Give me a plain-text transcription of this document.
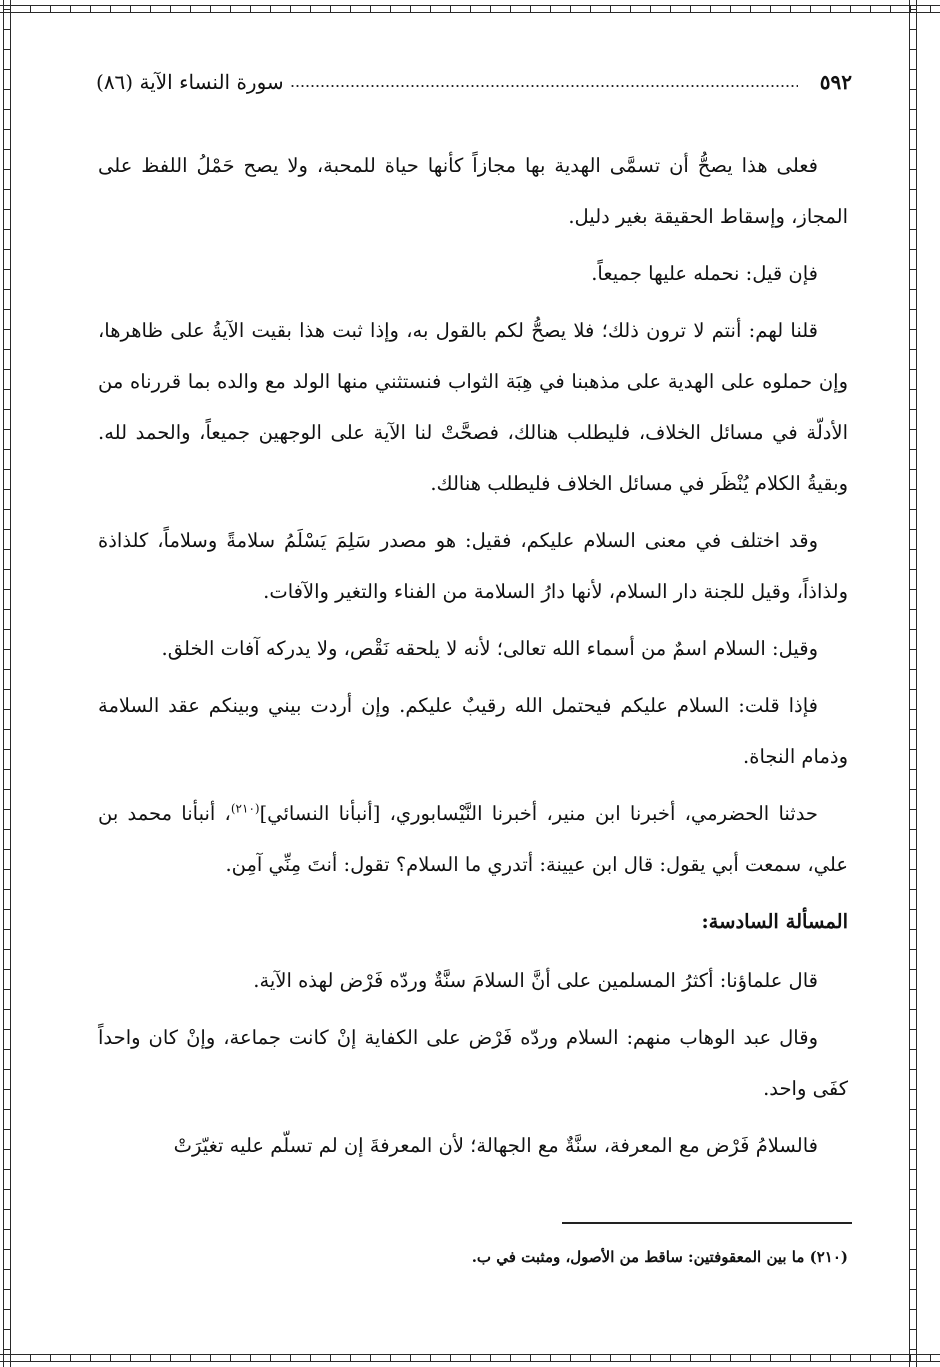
٥٩٢
سورة النساء الآية (٨٦)

فعلى هذا يصحُّ أن تسمَّى الهدية بها مجازاً كأنها حياة للمحبة، ولا يصح حَمْلُ اللفظ على المجاز، وإسقاط الحقيقة بغير دليل.

فإن قيل: نحمله عليها جميعاً.

قلنا لهم: أنتم لا ترون ذلك؛ فلا يصحُّ لكم بالقول به، وإذا ثبت هذا بقيت الآيةُ على ظاهرها، وإن حملوه على الهدية على مذهبنا في هِبَة الثواب فنستثني منها الولد مع والده بما قررناه من الأدلّة في مسائل الخلاف، فليطلب هنالك، فصحَّتْ لنا الآية على الوجهين جميعاً، والحمد لله. وبقيةُ الكلام يُنْظَر في مسائل الخلاف فليطلب هنالك.

وقد اختلف في معنى السلام عليكم، فقيل: هو مصدر سَلِمَ يَسْلَمُ سلامةً وسلاماً، كلذاذة ولذاذاً، وقيل للجنة دار السلام، لأنها دارُ السلامة من الفناء والتغير والآفات.

وقيل: السلام اسمٌ من أسماء الله تعالى؛ لأنه لا يلحقه نَقْص، ولا يدركه آفات الخلق.

فإذا قلت: السلام عليكم فيحتمل الله رقيبٌ عليكم. وإن أردت بيني وبينكم عقد السلامة وذمام النجاة.

حدثنا الحضرمي، أخبرنا ابن منير، أخبرنا النَّيْسابوري، [أنبأنا النسائي]$^{(٢١٠)}$، أنبأنا محمد بن علي، سمعت أبي يقول: قال ابن عيينة: أتدري ما السلام؟ تقول: أنتَ مِنِّي آمِن.

المسألة السادسة:

قال علماؤنا: أكثرُ المسلمين على أنَّ السلامَ سنَّةٌ وردّه فَرْض لهذه الآية.

وقال عبد الوهاب منهم: السلام وردّه فَرْض على الكفاية إنْ كانت جماعة، وإنْ كان واحداً كفَى واحد.

فالسلامُ فَرْض مع المعرفة، سنَّةٌ مع الجهالة؛ لأن المعرفةَ إن لم تسلّم عليه تغيّرَتْ

(٢١٠) ما بين المعقوفتين: ساقط من الأصول، ومثبت في ب.
